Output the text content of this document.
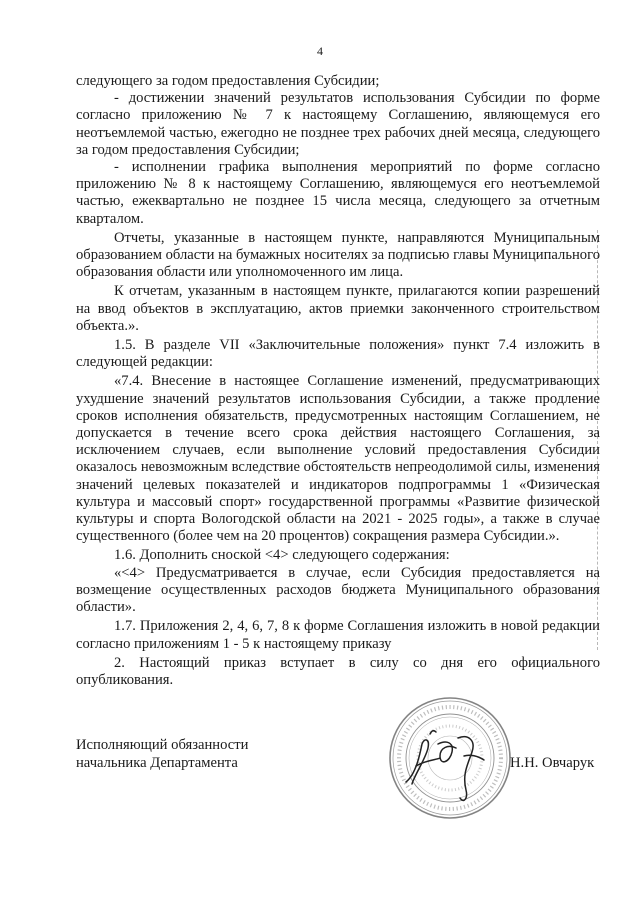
4

следующего за годом предоставления Субсидии;

- достижении значений результатов использования Субсидии по форме согласно приложению № 7 к настоящему Соглашению, являющемуся его неотъемлемой частью, ежегодно не позднее трех рабочих дней месяца, следующего за годом предоставления Субсидии;

- исполнении графика выполнения мероприятий по форме согласно приложению № 8 к настоящему Соглашению, являющемуся его неотъемлемой частью, ежеквартально не позднее 15 числа месяца, следующего за отчетным кварталом.

Отчеты, указанные в настоящем пункте, направляются Муниципальным образованием области на бумажных носителях за подписью главы Муниципального образования области или уполномоченного им лица.

К отчетам, указанным в настоящем пункте, прилагаются копии разрешений на ввод объектов в эксплуатацию, актов приемки законченного строительством объекта.».

1.5. В разделе VII «Заключительные положения» пункт 7.4 изложить в следующей редакции:

«7.4. Внесение в настоящее Соглашение изменений, предусматривающих ухудшение значений результатов использования Субсидии, а также продление сроков исполнения обязательств, предусмотренных настоящим Соглашением, не допускается в течение всего срока действия настоящего Соглашения, за исключением случаев, если выполнение условий предоставления Субсидии оказалось невозможным вследствие обстоятельств непреодолимой силы, изменения значений целевых показателей и индикаторов подпрограммы 1 «Физическая культура и массовый спорт» государственной программы «Развитие физической культуры и спорта Вологодской области на 2021 - 2025 годы», а также в случае существенного (более чем на 20 процентов) сокращения размера Субсидии.».

1.6. Дополнить сноской <4> следующего содержания:

«<4> Предусматривается в случае, если Субсидия предоставляется на возмещение осуществленных расходов бюджета Муниципального образования области».

1.7. Приложения 2, 4, 6, 7, 8 к форме Соглашения изложить в новой редакции согласно приложениям 1 - 5 к настоящему приказу

2. Настоящий приказ вступает в силу со дня его официального опубликования.

Исполняющий обязанности
начальника Департамента	Н.Н. Овчарук
